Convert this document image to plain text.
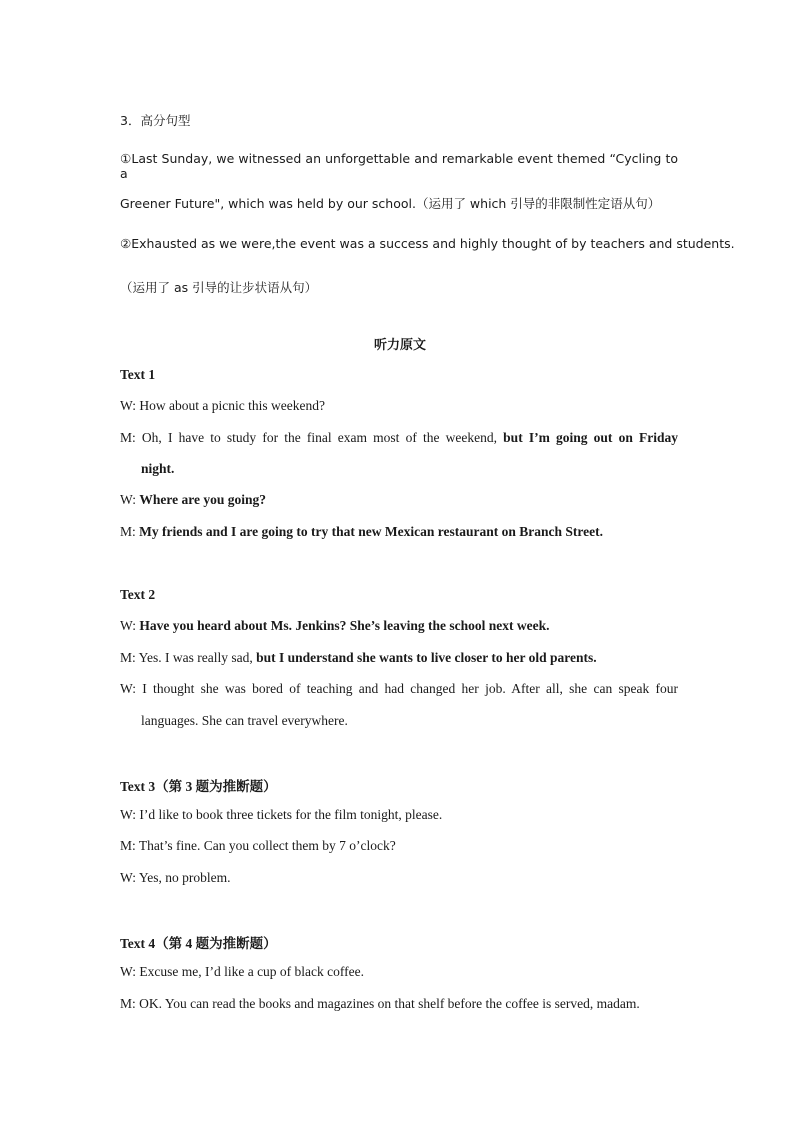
3．高分句型
①Last Sunday, we witnessed an unforgettable and remarkable event themed “Cycling to a
Greener Future", which was held by our school.（运用了 which 引导的非限制性定语从句）
②Exhausted as we were,the event was a success and highly thought of by teachers and students.
（运用了 as 引导的让步状语从句）
听力原文
Text 1
W: How about a picnic this weekend?
M: Oh, I have to study for the final exam most of the weekend, but I’m going out on Friday
night.
W: Where are you going?
M: My friends and I are going to try that new Mexican restaurant on Branch Street.
Text 2
W: Have you heard about Ms. Jenkins? She’s leaving the school next week.
M: Yes. I was really sad, but I understand she wants to live closer to her old parents.
W: I thought she was bored of teaching and had changed her job. After all, she can speak four
languages. She can travel everywhere.
Text 3（第 3 题为推断题）
W: I’d like to book three tickets for the film tonight, please.
M: That’s fine. Can you collect them by 7 o’clock?
W: Yes, no problem.
Text 4（第 4 题为推断题）
W: Excuse me, I’d like a cup of black coffee.
M: OK. You can read the books and magazines on that shelf before the coffee is served, madam.
